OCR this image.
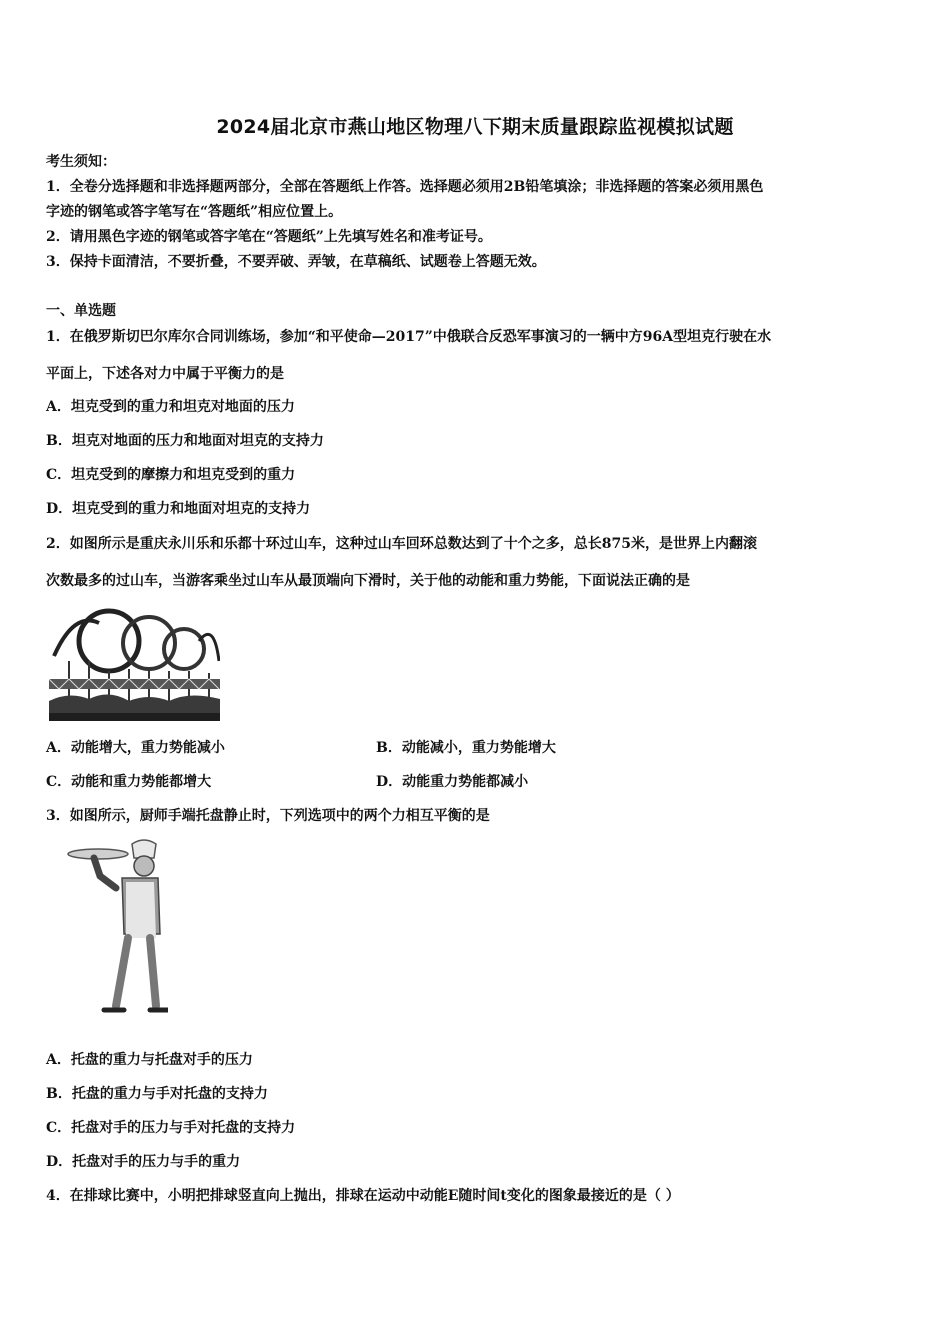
2024届北京市燕山地区物理八下期末质量跟踪监视模拟试题
考生须知：
1．全卷分选择题和非选择题两部分，全部在答题纸上作答。选择题必须用2B铅笔填涂；非选择题的答案必须用黑色
字迹的钢笔或答字笔写在“答题纸”相应位置上。
2．请用黑色字迹的钢笔或答字笔在“答题纸”上先填写姓名和准考证号。
3．保持卡面清洁，不要折叠，不要弄破、弄皱，在草稿纸、试题卷上答题无效。
一、单选题
1．在俄罗斯切巴尔库尔合同训练场，参加“和平使命—2017”中俄联合反恐军事演习的一辆中方96A型坦克行驶在水
平面上，下述各对力中属于平衡力的是
A．坦克受到的重力和坦克对地面的压力
B．坦克对地面的压力和地面对坦克的支持力
C．坦克受到的摩擦力和坦克受到的重力
D．坦克受到的重力和地面对坦克的支持力
2．如图所示是重庆永川乐和乐都十环过山车，这种过山车回环总数达到了十个之多，总长875米，是世界上内翻滚
次数最多的过山车，当游客乘坐过山车从最顶端向下滑时，关于他的动能和重力势能，下面说法正确的是
A．动能增大，重力势能减小	B．动能减小，重力势能增大
C．动能和重力势能都增大	D．动能重力势能都减小
3．如图所示，厨师手端托盘静止时，下列选项中的两个力相互平衡的是
A．托盘的重力与托盘对手的压力
B．托盘的重力与手对托盘的支持力
C．托盘对手的压力与手对托盘的支持力
D．托盘对手的压力与手的重力
4．在排球比赛中，小明把排球竖直向上抛出，排球在运动中动能E随时间t变化的图象最接近的是（ ）
